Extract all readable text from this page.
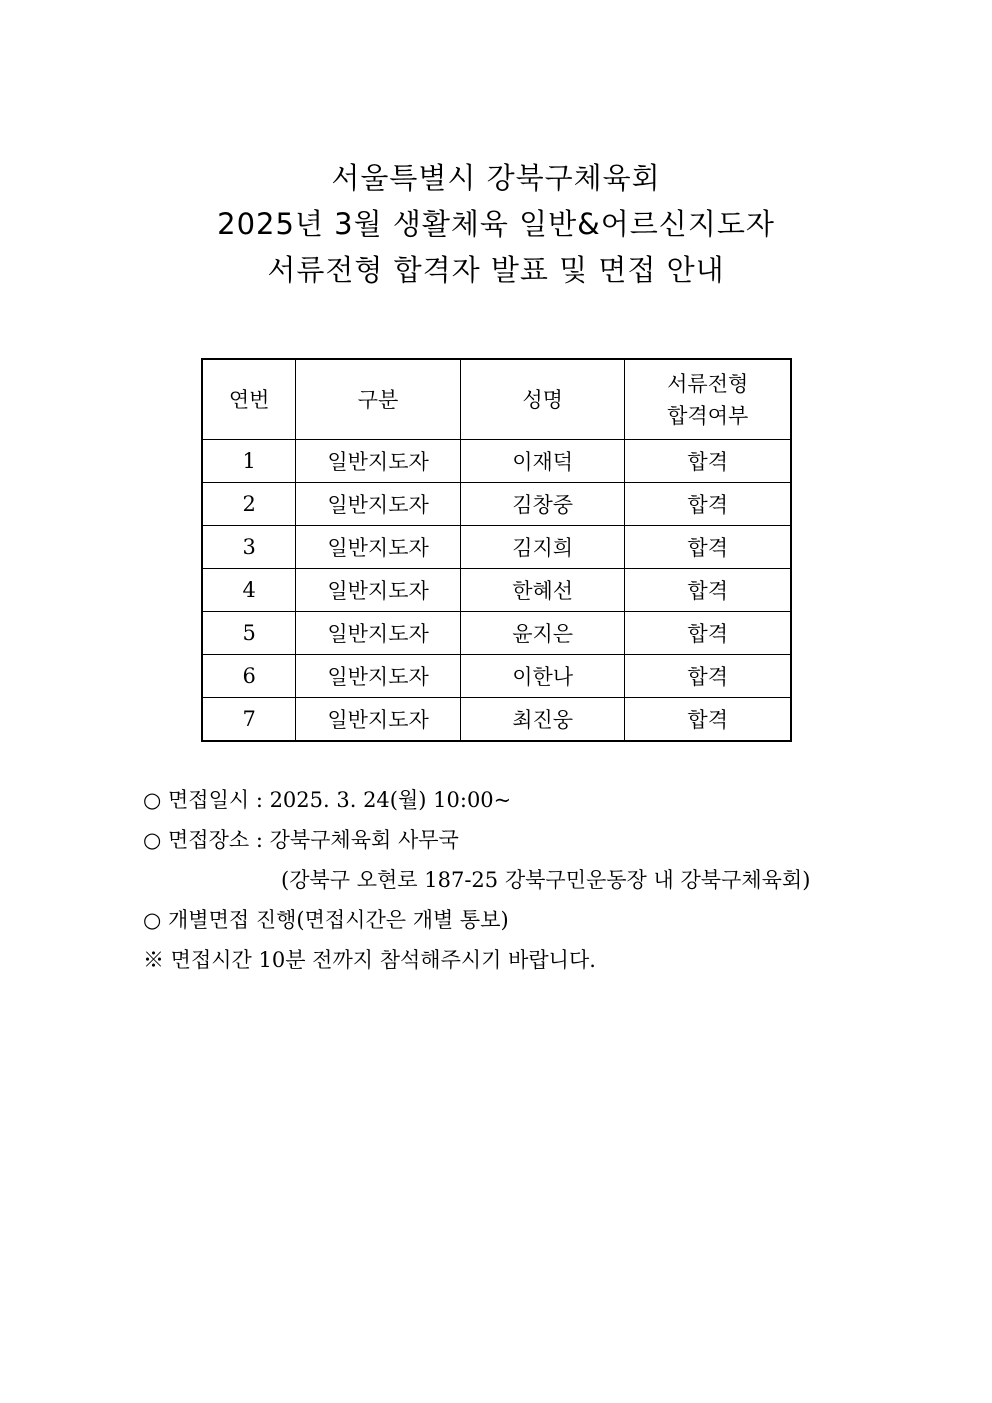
서울특별시 강북구체육회
2025년 3월 생활체육 일반&어르신지도자
서류전형 합격자 발표 및 면접 안내
연번	구분	성명	서류전형
합격여부

1	일반지도자	이재덕	합격
2	일반지도자	김창중	합격
3	일반지도자	김지희	합격
4	일반지도자	한혜선	합격
5	일반지도자	윤지은	합격
6	일반지도자	이한나	합격
7	일반지도자	최진웅	합격
○ 면접일시 : 2025. 3. 24(월) 10:00~
○ 면접장소 : 강북구체육회 사무국
(강북구 오현로 187-25 강북구민운동장 내 강북구체육회)
○ 개별면접 진행(면접시간은 개별 통보)
※ 면접시간 10분 전까지 참석해주시기 바랍니다.
